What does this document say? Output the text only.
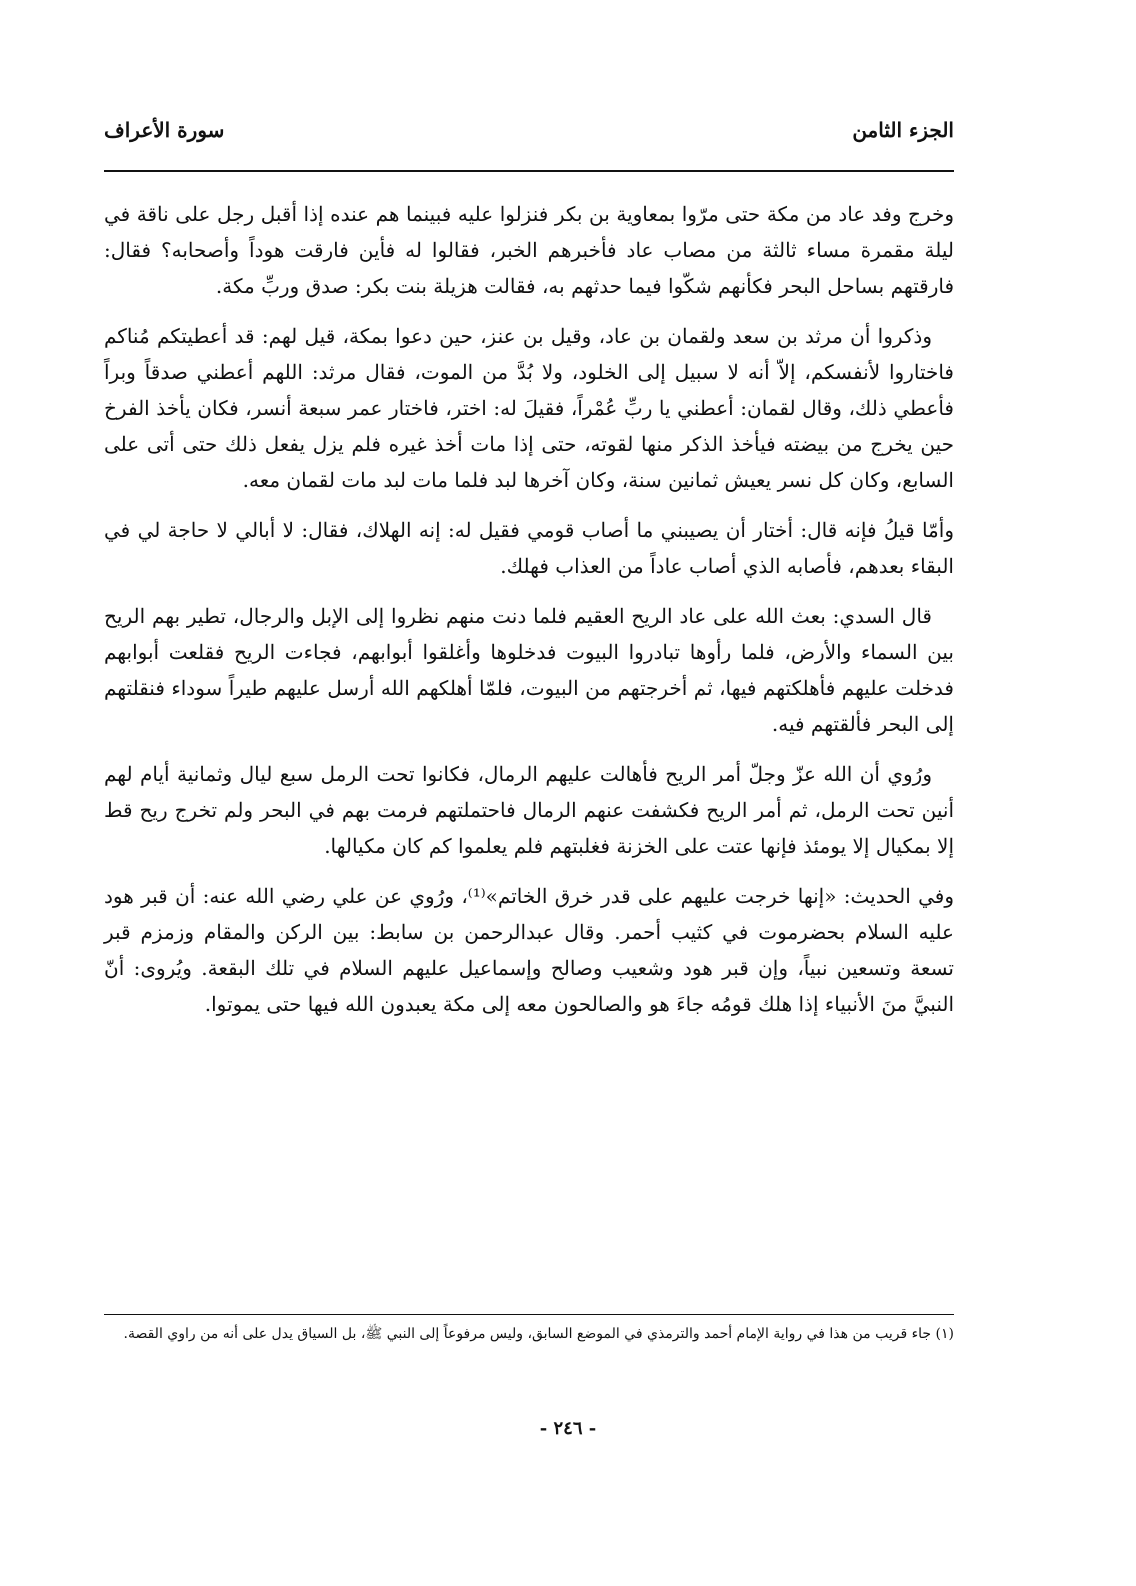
الجزء الثامن
سورة الأعراف

وخرج وفد عاد من مكة حتى مرّوا بمعاوية بن بكر فنزلوا عليه فبينما هم عنده إذا أقبل رجل على ناقة في ليلة مقمرة مساء ثالثة من مصاب عاد فأخبرهم الخبر، فقالوا له فأين فارقت هوداً وأصحابه؟ فقال: فارقتهم بساحل البحر فكأنهم شكّوا فيما حدثهم به، فقالت هزيلة بنت بكر: صدق وربِّ مكة.

وذكروا أن مرثد بن سعد ولقمان بن عاد، وقيل بن عنز، حين دعوا بمكة، قيل لهم: قد أعطيتكم مُناكم فاختاروا لأنفسكم، إلاّ أنه لا سبيل إلى الخلود، ولا بُدَّ من الموت، فقال مرثد: اللهم أعطني صدقاً وبراً فأعطي ذلك، وقال لقمان: أعطني يا ربِّ عُمْراً، فقيلَ له: اختر، فاختار عمر سبعة أنسر، فكان يأخذ الفرخ حين يخرج من بيضته فيأخذ الذكر منها لقوته، حتى إذا مات أخذ غيره فلم يزل يفعل ذلك حتى أتى على السابع، وكان كل نسر يعيش ثمانين سنة، وكان آخرها لبد فلما مات لبد مات لقمان معه.

وأمّا قيلُ فإنه قال: أختار أن يصيبني ما أصاب قومي فقيل له: إنه الهلاك، فقال: لا أبالي لا حاجة لي في البقاء بعدهم، فأصابه الذي أصاب عاداً من العذاب فهلك.

قال السدي: بعث الله على عاد الريح العقيم فلما دنت منهم نظروا إلى الإبل والرجال، تطير بهم الريح بين السماء والأرض، فلما رأوها تبادروا البيوت فدخلوها وأغلقوا أبوابهم، فجاءت الريح فقلعت أبوابهم فدخلت عليهم فأهلكتهم فيها، ثم أخرجتهم من البيوت، فلمّا أهلكهم الله أرسل عليهم طيراً سوداء فنقلتهم إلى البحر فألقتهم فيه.

ورُوي أن الله عزّ وجلّ أمر الريح فأهالت عليهم الرمال، فكانوا تحت الرمل سبع ليال وثمانية أيام لهم أنين تحت الرمل، ثم أمر الريح فكشفت عنهم الرمال فاحتملتهم فرمت بهم في البحر ولم تخرج ريح قط إلا بمكيال إلا يومئذ فإنها عتت على الخزنة فغلبتهم فلم يعلموا كم كان مكيالها.

وفي الحديث: «إنها خرجت عليهم على قدر خرق الخاتم»⁽¹⁾، ورُوي عن علي رضي الله عنه: أن قبر هود عليه السلام بحضرموت في كثيب أحمر. وقال عبدالرحمن بن سابط: بين الركن والمقام وزمزم قبر تسعة وتسعين نبياً، وإن قبر هود وشعيب وصالح وإسماعيل عليهم السلام في تلك البقعة. ويُروى: أنّ النبيَّ منَ الأنبياء إذا هلك قومُه جاءَ هو والصالحون معه إلى مكة يعبدون الله فيها حتى يموتوا.

(١) جاء قريب من هذا في رواية الإمام أحمد والترمذي في الموضع السابق، وليس مرفوعاً إلى النبي ﷺ، بل السياق يدل على أنه من راوي القصة.
- ٢٤٦ -
